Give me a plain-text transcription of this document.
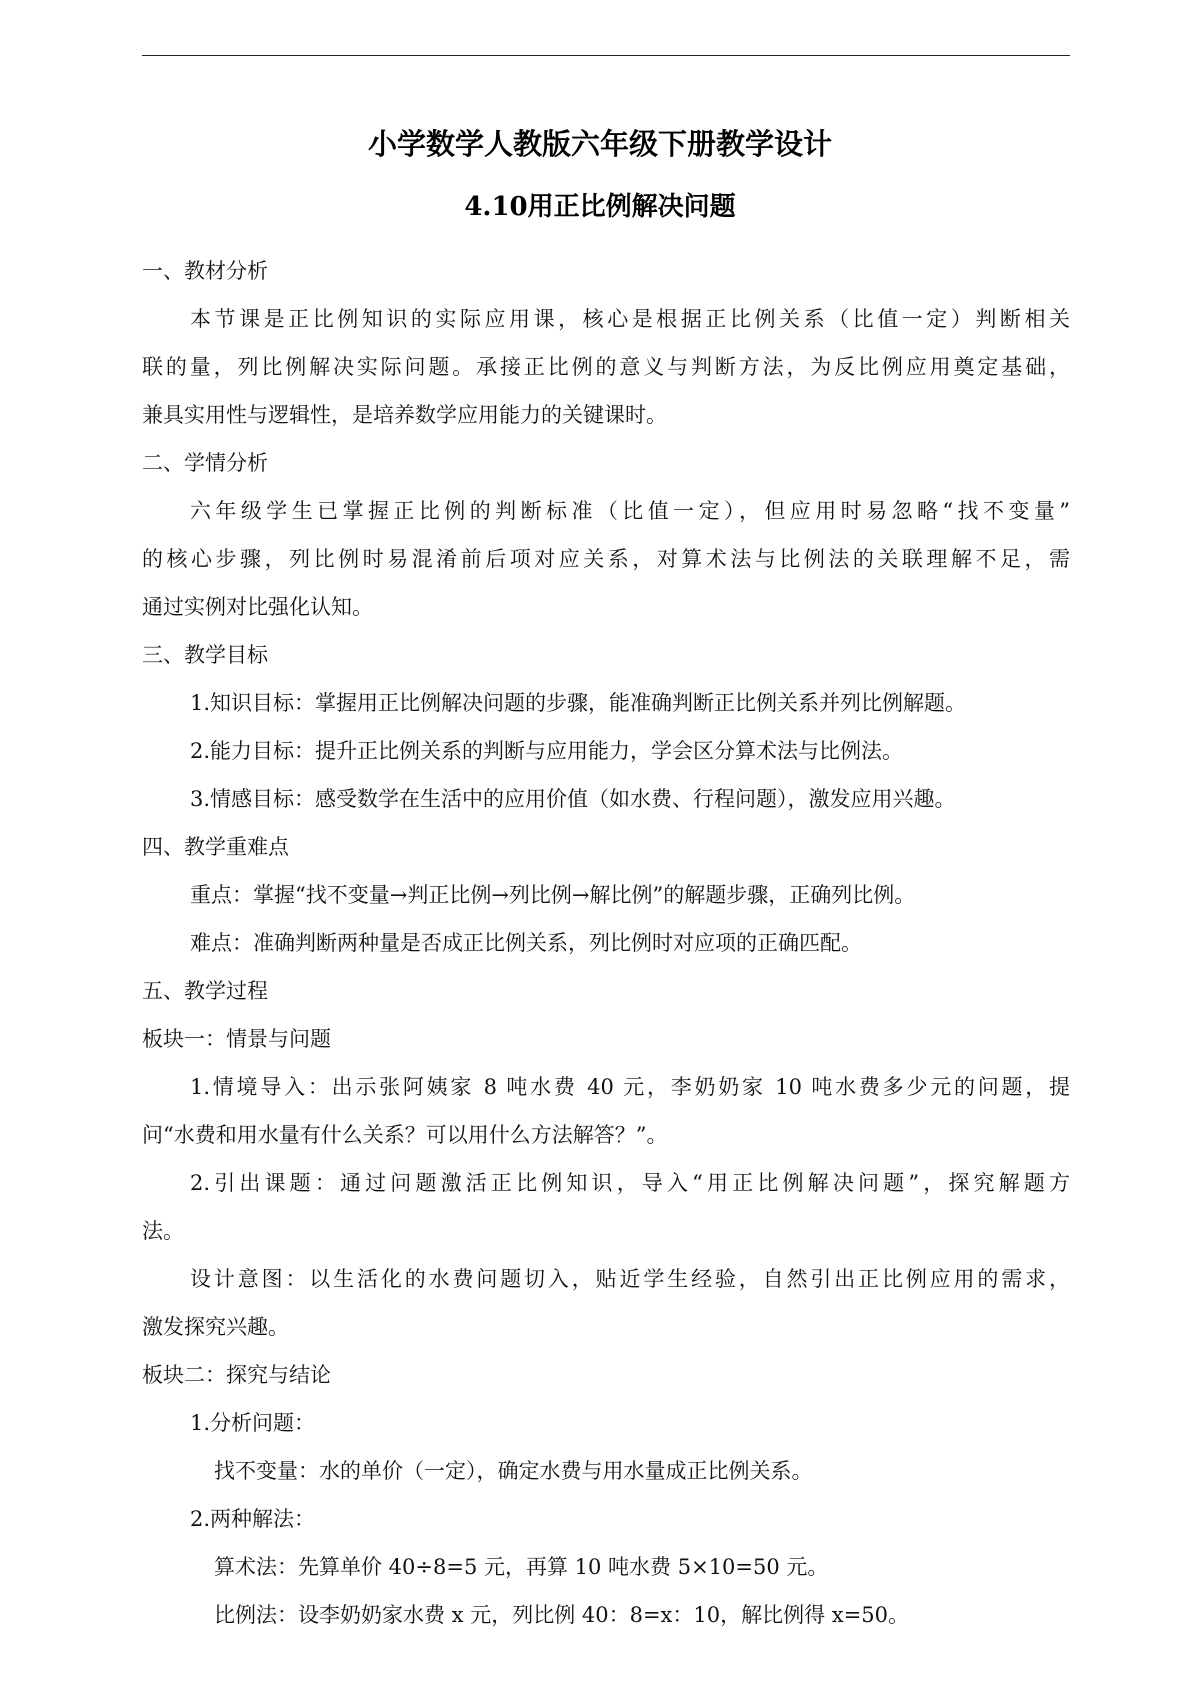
小学数学人教版六年级下册教学设计
4.10用正比例解决问题
一、教材分析
本节课是正比例知识的实际应用课，核心是根据正比例关系（比值一定）判断相关
联的量，列比例解决实际问题。承接正比例的意义与判断方法，为反比例应用奠定基础，
兼具实用性与逻辑性，是培养数学应用能力的关键课时。
二、学情分析
六年级学生已掌握正比例的判断标准（比值一定），但应用时易忽略“找不变量”
的核心步骤，列比例时易混淆前后项对应关系，对算术法与比例法的关联理解不足，需
通过实例对比强化认知。
三、教学目标
1.知识目标：掌握用正比例解决问题的步骤，能准确判断正比例关系并列比例解题。
2.能力目标：提升正比例关系的判断与应用能力，学会区分算术法与比例法。
3.情感目标：感受数学在生活中的应用价值（如水费、行程问题），激发应用兴趣。
四、教学重难点
重点：掌握“找不变量→判正比例→列比例→解比例”的解题步骤，正确列比例。
难点：准确判断两种量是否成正比例关系，列比例时对应项的正确匹配。
五、教学过程
板块一：情景与问题
1.情境导入：出示张阿姨家 8 吨水费 40 元，李奶奶家 10 吨水费多少元的问题，提
问“水费和用水量有什么关系？可以用什么方法解答？”。
2.引出课题：通过问题激活正比例知识，导入“用正比例解决问题”，探究解题方
法。
设计意图：以生活化的水费问题切入，贴近学生经验，自然引出正比例应用的需求，
激发探究兴趣。
板块二：探究与结论
1.分析问题：
找不变量：水的单价（一定），确定水费与用水量成正比例关系。
2.两种解法：
算术法：先算单价 40÷8=5 元，再算 10 吨水费 5×10=50 元。
比例法：设李奶奶家水费 x 元，列比例 40：8=x：10，解比例得 x=50。
